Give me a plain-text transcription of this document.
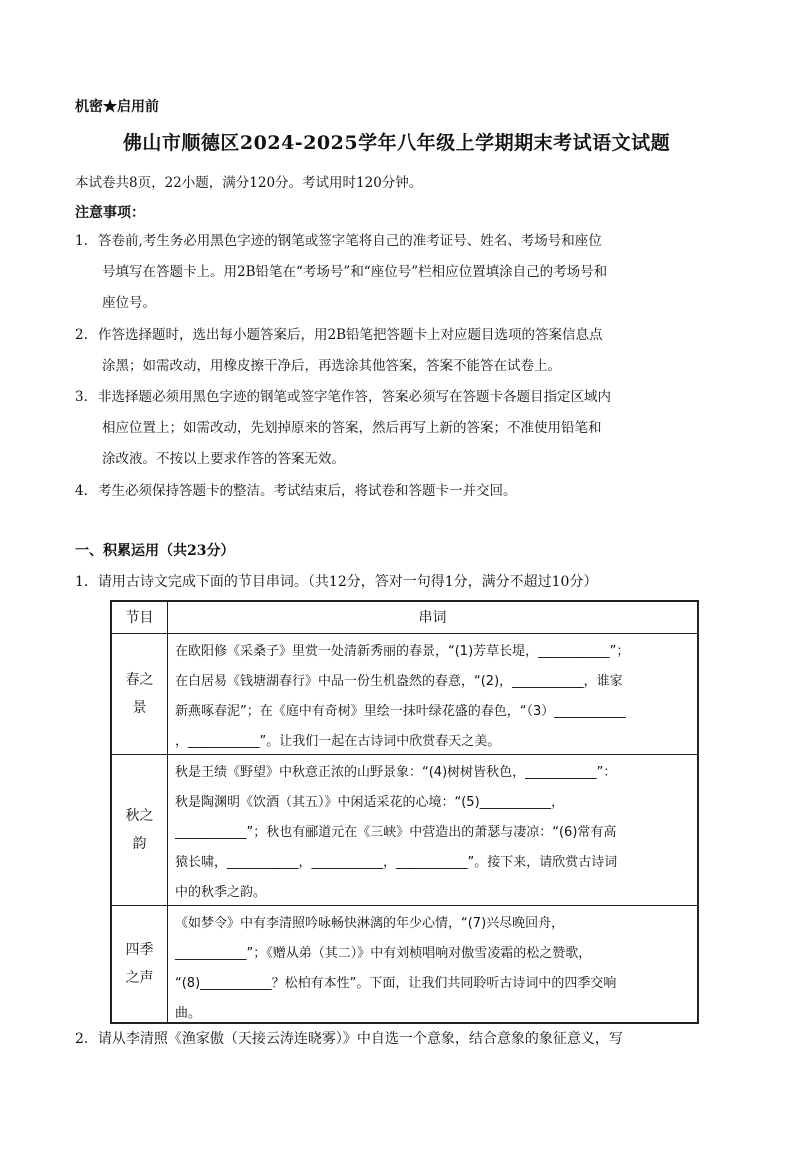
机密★启用前
佛山市顺德区2024-2025学年八年级上学期期末考试语文试题
本试卷共8页，22小题，满分120分。考试用时120分钟。
注意事项：
1. 答卷前,考生务必用黑色字迹的钢笔或签字笔将自己的准考证号、姓名、考场号和座位
号填写在答题卡上。用2B铅笔在“考场号”和“座位号”栏相应位置填涂自己的考场号和
座位号。
2. 作答选择题时，选出每小题答案后，用2B铅笔把答题卡上对应题目选项的答案信息点
涂黑；如需改动，用橡皮擦干净后，再选涂其他答案，答案不能答在试卷上。
3. 非选择题必须用黑色字迹的钢笔或签字笔作答，答案必须写在答题卡各题目指定区域内
相应位置上；如需改动，先划掉原来的答案，然后再写上新的答案；不准使用铅笔和
涂改液。不按以上要求作答的答案无效。
4. 考生必须保持答题卡的整洁。考试结束后，将试卷和答题卡一并交回。
一、积累运用（共23分）
1．请用古诗文完成下面的节目串词。（共12分，答对一句得1分，满分不超过10分）
节目	串词
春之
景
在欧阳修《采桑子》里赏一处清新秀丽的春景，“(1)芳草长堤，___________”；
在白居易《钱塘湖春行》中品一份生机盎然的春意，“(2)，___________，谁家
新燕啄春泥”；在《庭中有奇树》里绘一抹叶绿花盛的春色，“（3）___________
，___________”。让我们一起在古诗词中欣赏春天之美。
秋之
韵
秋是王绩《野望》中秋意正浓的山野景象：“(4)树树皆秋色，___________”：
秋是陶渊明《饮酒（其五）》中闲适采花的心境：“(5)___________，
___________”；秋也有郦道元在《三峡》中营造出的萧瑟与凄凉：“(6)常有高
猿长啸，___________，___________，___________”。接下来，请欣赏古诗词
中的秋季之韵。
四季
之声
《如梦令》中有李清照吟咏畅快淋漓的年少心情，“(7)兴尽晚回舟，
___________”；《赠从弟（其二）》中有刘桢唱响对傲雪凌霜的松之赞歌，
“(8)___________？松柏有本性”。下面，让我们共同聆听古诗词中的四季交响
曲。
2．请从李清照《渔家傲（天接云涛连晓雾）》中自选一个意象，结合意象的象征意义，写
